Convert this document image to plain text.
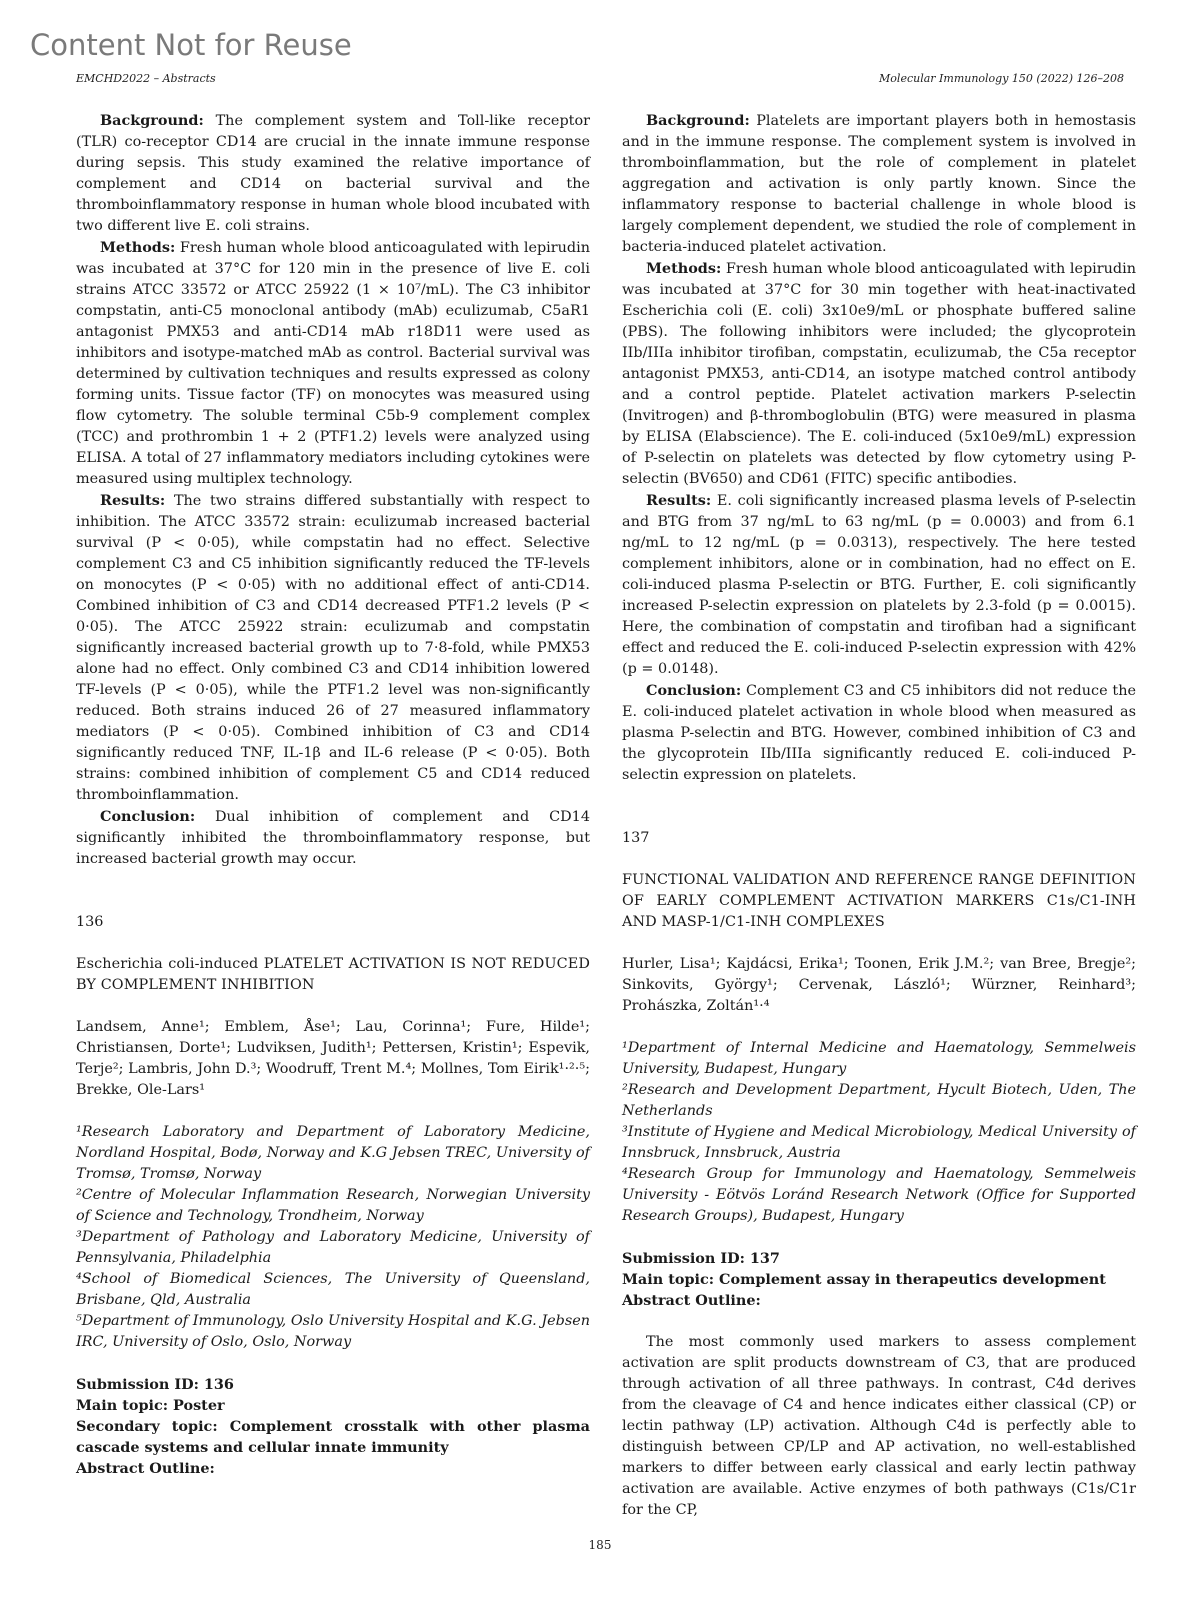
Content Not for Reuse
EMCHD2022 – Abstracts	Molecular Immunology 150 (2022) 126–208

Background: The complement system and Toll-like receptor (TLR) co-receptor CD14 are crucial in the innate immune response during sepsis. This study examined the relative importance of complement and CD14 on bacterial survival and the thromboinflammatory response in human whole blood incubated with two different live E. coli strains.

Methods: Fresh human whole blood anticoagulated with lepirudin was incubated at 37°C for 120 min in the presence of live E. coli strains ATCC 33572 or ATCC 25922 (1 × 10⁷/mL). The C3 inhibitor compstatin, anti-C5 monoclonal antibody (mAb) eculizumab, C5aR1 antagonist PMX53 and anti-CD14 mAb r18D11 were used as inhibitors and isotype-matched mAb as control. Bacterial survival was determined by cultivation techniques and results expressed as colony forming units. Tissue factor (TF) on monocytes was measured using flow cytometry. The soluble terminal C5b-9 complement complex (TCC) and prothrombin 1 + 2 (PTF1.2) levels were analyzed using ELISA. A total of 27 inflammatory mediators including cytokines were measured using multiplex technology.

Results: The two strains differed substantially with respect to inhibition. The ATCC 33572 strain: eculizumab increased bacterial survival (P < 0·05), while compstatin had no effect. Selective complement C3 and C5 inhibition significantly reduced the TF-levels on monocytes (P < 0·05) with no additional effect of anti-CD14. Combined inhibition of C3 and CD14 decreased PTF1.2 levels (P < 0·05). The ATCC 25922 strain: eculizumab and compstatin significantly increased bacterial growth up to 7·8-fold, while PMX53 alone had no effect. Only combined C3 and CD14 inhibition lowered TF-levels (P < 0·05), while the PTF1.2 level was non-significantly reduced. Both strains induced 26 of 27 measured inflammatory mediators (P < 0·05). Combined inhibition of C3 and CD14 significantly reduced TNF, IL-1β and IL-6 release (P < 0·05). Both strains: combined inhibition of complement C5 and CD14 reduced thromboinflammation.

Conclusion: Dual inhibition of complement and CD14 significantly inhibited the thromboinflammatory response, but increased bacterial growth may occur.

136
Escherichia coli-induced PLATELET ACTIVATION IS NOT REDUCED BY COMPLEMENT INHIBITION
Landsem, Anne¹; Emblem, Åse¹; Lau, Corinna¹; Fure, Hilde¹; Christiansen, Dorte¹; Ludviksen, Judith¹; Pettersen, Kristin¹; Espevik, Terje²; Lambris, John D.³; Woodruff, Trent M.⁴; Mollnes, Tom Eirik¹·²·⁵; Brekke, Ole-Lars¹
¹Research Laboratory and Department of Laboratory Medicine, Nordland Hospital, Bodø, Norway and K.G Jebsen TREC, University of Tromsø, Tromsø, Norway
²Centre of Molecular Inflammation Research, Norwegian University of Science and Technology, Trondheim, Norway
³Department of Pathology and Laboratory Medicine, University of Pennsylvania, Philadelphia
⁴School of Biomedical Sciences, The University of Queensland, Brisbane, Qld, Australia
⁵Department of Immunology, Oslo University Hospital and K.G. Jebsen IRC, University of Oslo, Oslo, Norway
Submission ID: 136
Main topic: Poster
Secondary topic: Complement crosstalk with other plasma cascade systems and cellular innate immunity
Abstract Outline:

Background: Platelets are important players both in hemostasis and in the immune response. The complement system is involved in thromboinflammation, but the role of complement in platelet aggregation and activation is only partly known. Since the inflammatory response to bacterial challenge in whole blood is largely complement dependent, we studied the role of complement in bacteria-induced platelet activation.

Methods: Fresh human whole blood anticoagulated with lepirudin was incubated at 37°C for 30 min together with heat-inactivated Escherichia coli (E. coli) 3x10e9/mL or phosphate buffered saline (PBS). The following inhibitors were included; the glycoprotein IIb/IIIa inhibitor tirofiban, compstatin, eculizumab, the C5a receptor antagonist PMX53, anti-CD14, an isotype matched control antibody and a control peptide. Platelet activation markers P-selectin (Invitrogen) and β-thromboglobulin (BTG) were measured in plasma by ELISA (Elabscience). The E. coli-induced (5x10e9/mL) expression of P-selectin on platelets was detected by flow cytometry using P-selectin (BV650) and CD61 (FITC) specific antibodies.

Results: E. coli significantly increased plasma levels of P-selectin and BTG from 37 ng/mL to 63 ng/mL (p = 0.0003) and from 6.1 ng/mL to 12 ng/mL (p = 0.0313), respectively. The here tested complement inhibitors, alone or in combination, had no effect on E. coli-induced plasma P-selectin or BTG. Further, E. coli significantly increased P-selectin expression on platelets by 2.3-fold (p = 0.0015). Here, the combination of compstatin and tirofiban had a significant effect and reduced the E. coli-induced P-selectin expression with 42% (p = 0.0148).

Conclusion: Complement C3 and C5 inhibitors did not reduce the E. coli-induced platelet activation in whole blood when measured as plasma P-selectin and BTG. However, combined inhibition of C3 and the glycoprotein IIb/IIIa significantly reduced E. coli-induced P-selectin expression on platelets.

137
FUNCTIONAL VALIDATION AND REFERENCE RANGE DEFINITION OF EARLY COMPLEMENT ACTIVATION MARKERS C1s/C1-INH AND MASP-1/C1-INH COMPLEXES
Hurler, Lisa¹; Kajdácsi, Erika¹; Toonen, Erik J.M.²; van Bree, Bregje²; Sinkovits, György¹; Cervenak, László¹; Würzner, Reinhard³; Prohászka, Zoltán¹·⁴
¹Department of Internal Medicine and Haematology, Semmelweis University, Budapest, Hungary
²Research and Development Department, Hycult Biotech, Uden, The Netherlands
³Institute of Hygiene and Medical Microbiology, Medical University of Innsbruck, Innsbruck, Austria
⁴Research Group for Immunology and Haematology, Semmelweis University - Eötvös Loránd Research Network (Office for Supported Research Groups), Budapest, Hungary
Submission ID: 137
Main topic: Complement assay in therapeutics development
Abstract Outline:

The most commonly used markers to assess complement activation are split products downstream of C3, that are produced through activation of all three pathways. In contrast, C4d derives from the cleavage of C4 and hence indicates either classical (CP) or lectin pathway (LP) activation. Although C4d is perfectly able to distinguish between CP/LP and AP activation, no well-established markers to differ between early classical and early lectin pathway activation are available. Active enzymes of both pathways (C1s/C1r for the CP,

185
